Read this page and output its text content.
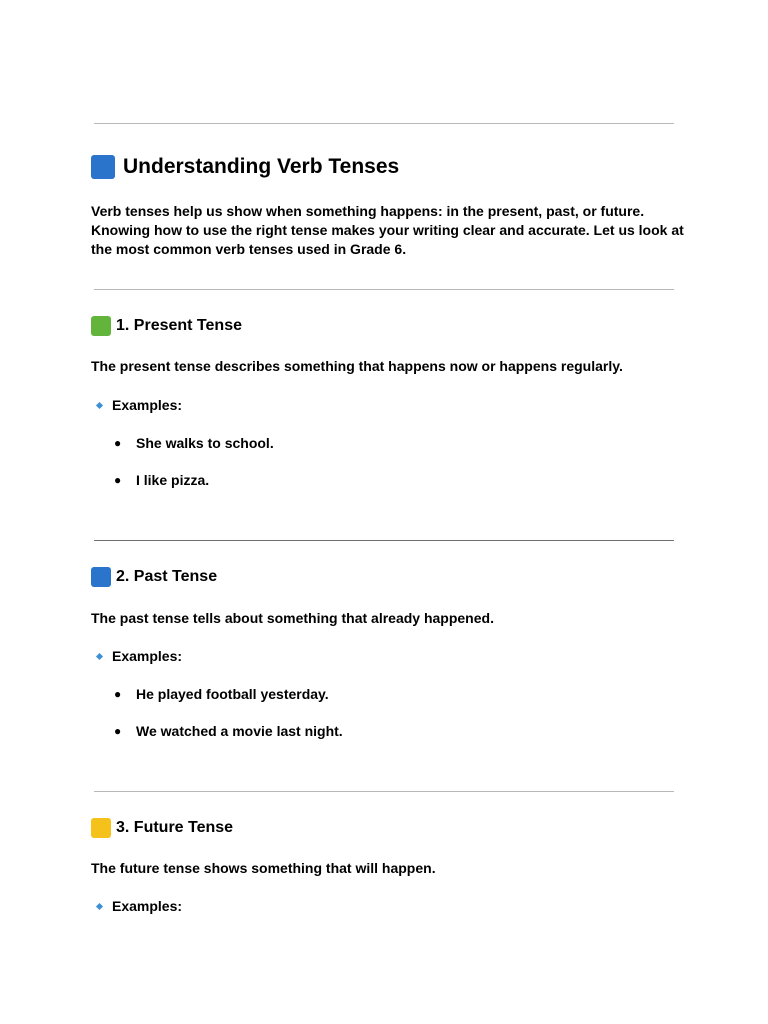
Understanding Verb Tenses
Verb tenses help us show when something happens: in the present, past, or future. Knowing how to use the right tense makes your writing clear and accurate. Let us look at the most common verb tenses used in Grade 6.
1. Present Tense
The present tense describes something that happens now or happens regularly.
Examples:
●	She walks to school.
●	I like pizza.
2. Past Tense
The past tense tells about something that already happened.
Examples:
●	He played football yesterday.
●	We watched a movie last night.
3. Future Tense
The future tense shows something that will happen.
Examples:
